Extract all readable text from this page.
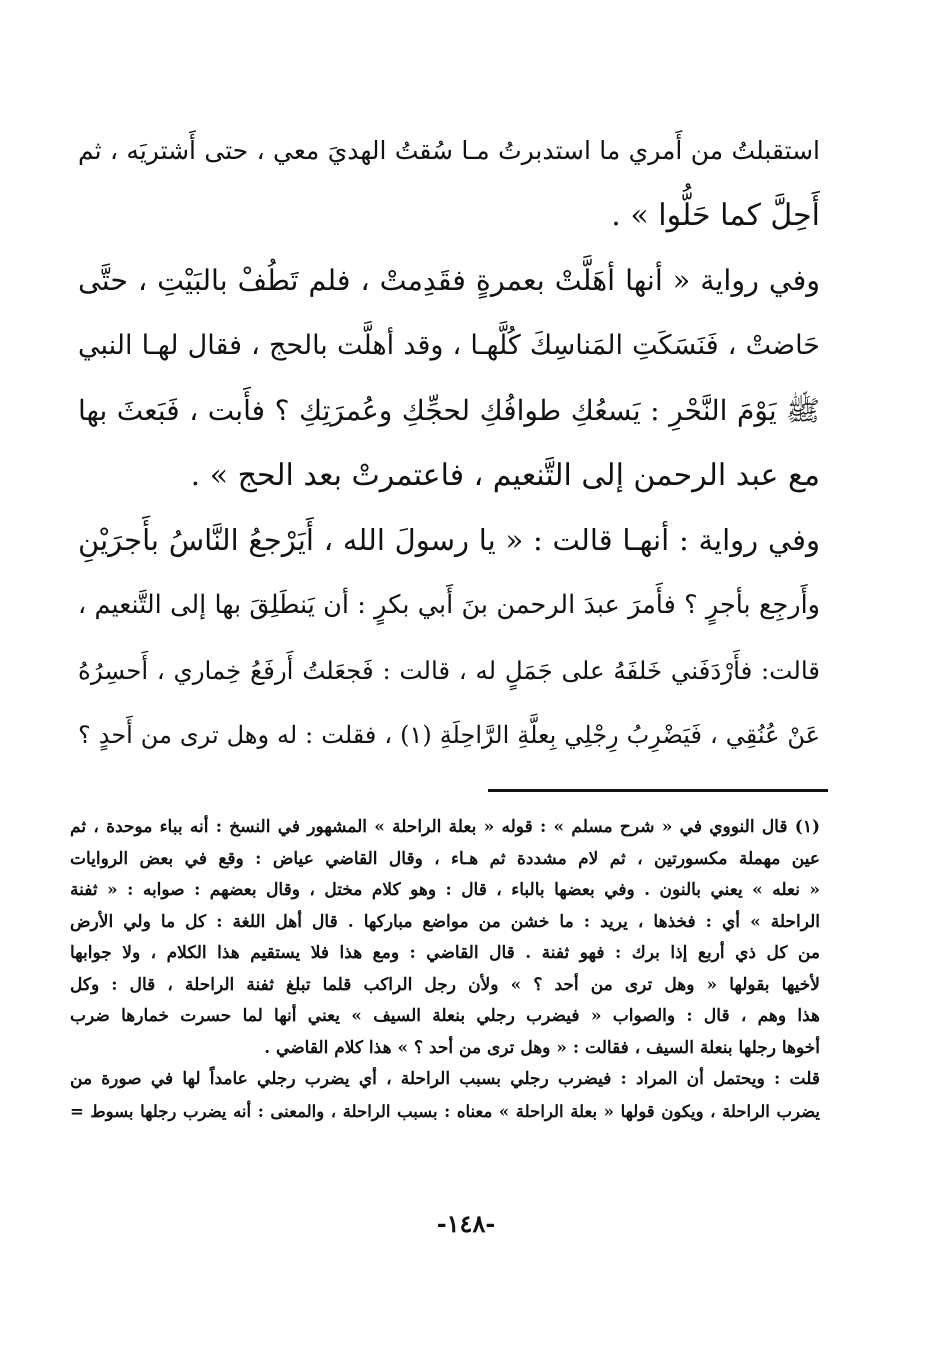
استقبلتُ من أَمري ما استدبرتُ مـا سُقتُ الهديَ معي ، حتى أَشتريَه ، ثم
أَحِلَّ كما حَلُّوا » .
وفي رواية « أنها أهَلَّتْ بعمرةٍ فقَدِمتْ ، فلم تَطُفْ بالبَيْتِ ، حتَّى
حَاضتْ ، فَنَسَكَتِ المَناسِكَ كُلَّهـا ، وقد أهلَّت بالحج ، فقال لهـا النبي
ﷺ يَوْمَ النَّحْرِ : يَسعُكِ طوافُكِ لحجِّكِ وعُمرَتِكِ ؟ فأَبت ، فَبَعثَ بها
مع عبد الرحمن إلى التَّنعيم ، فاعتمرتْ بعد الحج » .
وفي رواية : أنهـا قالت : « يا رسولَ الله ، أَيَرْجعُ النَّاسُ بأَجرَيْنِ
وأَرجِع بأجرٍ ؟ فأَمرَ عبدَ الرحمن بنَ أَبي بكرٍ : أن يَنطَلِقَ بها إلى التَّنعيم ،
قالت: فأَرْدَفَني خَلفَهُ على جَمَلٍ له ، قالت : فَجعَلتُ أَرفَعُ خِماري ، أَحسِرُهُ
عَنْ عُنُقِي ، فَيَضْرِبُ رِجْلِي بِعلَّةِ الرَّاحِلَةِ (١) ، فقلت : له وهل ترى من أَحدٍ ؟
(١) قال النووي في « شرح مسلم » : قوله « بعلة الراحلة » المشهور في النسخ : أنه بباء موحدة ، ثم
عين مهملة مكسورتين ، ثم لام مشددة ثم هـاء ، وقال القاضي عياض : وقع في بعض الروايات
« نعله » يعني بالنون . وفي بعضها بالباء ، قال : وهو كلام مختل ، وقال بعضهم : صوابه : « ثفنة
الراحلة » أي : فخذها ، يريد : ما خشن من مواضع مباركها . قال أهل اللغة : كل ما ولي الأرض
من كل ذي أربع إذا برك : فهو ثفنة . قال القاضي : ومع هذا فلا يستقيم هذا الكلام ، ولا جوابها
لأخيها بقولها « وهل ترى من أحد ؟ » ولأن رجل الراكب قلما تبلغ ثفنة الراحلة ، قال : وكل
هذا وهم ، قال : والصواب « فيضرب رجلي بنعلة السيف » يعني أنها لما حسرت خمارها ضرب
أخوها رجلها بنعلة السيف ، فقالت : « وهل ترى من أحد ؟ » هذا كلام القاضي .
قلت : ويحتمل أن المراد : فيضرب رجلي بسبب الراحلة ، أي يضرب رجلي عامداً لها في صورة من
يضرب الراحلة ، ويكون قولها « بعلة الراحلة » معناه : بسبب الراحلة ، والمعنى : أنه يضرب رجلها بسوط =
-١٤٨-
